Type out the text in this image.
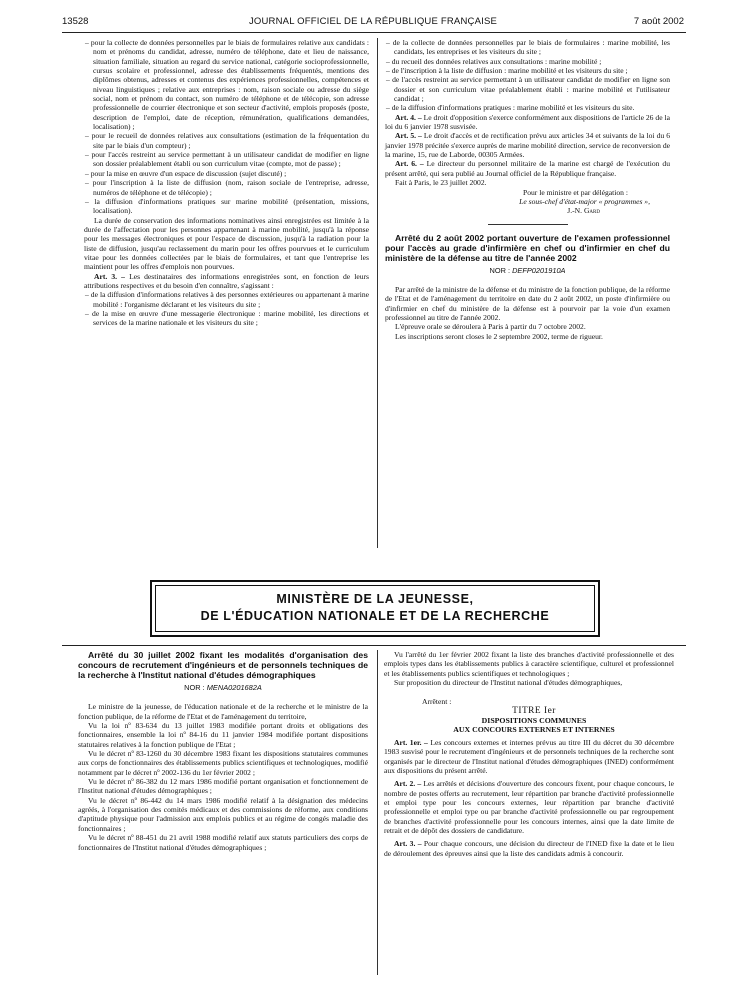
13528	JOURNAL OFFICIEL DE LA RÉPUBLIQUE FRANÇAISE	7 août 2002
– pour la collecte de données personnelles par le biais de formulaires relative aux candidats : nom et prénoms du candidat, adresse, numéro de téléphone, date et lieu de naissance, situation familiale, situation au regard du service national, catégorie socioprofessionnelle, cursus scolaire et professionnel, adresse des établissements fréquentés, mentions des diplômes obtenus, adresses et contenus des expériences professionnelles, compétences et niveau linguistiques ; relative aux entreprises : nom, raison sociale ou adresse du siège social, nom et prénom du contact, son numéro de téléphone et de télécopie, son adresse professionnelle de courrier électronique et son secteur d'activité, emplois proposés (poste, description de l'emploi, date de réception, rémunération, qualifications demandées, localisation) ;
– pour le recueil de données relatives aux consultations (estimation de la fréquentation du site par le biais d'un compteur) ;
– pour l'accès restreint au service permettant à un utilisateur candidat de modifier en ligne son dossier préalablement établi ou son curriculum vitae (compte, mot de passe) ;
– pour la mise en œuvre d'un espace de discussion (sujet discuté) ;
– pour l'inscription à la liste de diffusion (nom, raison sociale de l'entreprise, adresse, numéros de téléphone et de télécopie) ;
– la diffusion d'informations pratiques sur marine mobilité (présentation, missions, localisation).

La durée de conservation des informations nominatives ainsi enregistrées est limitée à la durée de l'affectation pour les personnes appartenant à marine mobilité, jusqu'à la réponse pour les messages électroniques et pour l'espace de discussion, jusqu'à la radiation pour la liste de diffusion, jusqu'au reclassement du marin pour les offres pourvues et le curriculum vitae pour les données collectées par le biais de formulaires, et tant que l'entreprise les maintient pour les offres d'emplois non pourvues.

Art. 3. – Les destinataires des informations enregistrées sont, en fonction de leurs attributions respectives et du besoin d'en connaître, s'agissant :

– de la diffusion d'informations relatives à des personnes extérieures ou appartenant à marine mobilité : l'organisme déclarant et les visiteurs du site ;
– de la mise en œuvre d'une messagerie électronique : marine mobilité, les directions et services de la marine nationale et les visiteurs du site ;
– de la collecte de données personnelles par le biais de formulaires : marine mobilité, les candidats, les entreprises et les visiteurs du site ;
– du recueil des données relatives aux consultations : marine mobilité ;
– de l'inscription à la liste de diffusion : marine mobilité et les visiteurs du site ;
– de l'accès restreint au service permettant à un utilisateur candidat de modifier en ligne son dossier et son curriculum vitae préalablement établi : marine mobilité et l'utilisateur candidat ;
– de la diffusion d'informations pratiques : marine mobilité et les visiteurs du site.

Art. 4. – Le droit d'opposition s'exerce conformément aux dispositions de l'article 26 de la loi du 6 janvier 1978 susvisée.

Art. 5. – Le droit d'accès et de rectification prévu aux articles 34 et suivants de la loi du 6 janvier 1978 précitée s'exerce auprès de marine mobilité direction, service de reconversion de la marine, 15, rue de Laborde, 00305 Armées.

Art. 6. – Le directeur du personnel militaire de la marine est chargé de l'exécution du présent arrêté, qui sera publié au Journal officiel de la République française.

Fait à Paris, le 23 juillet 2002.

Pour le ministre et par délégation :

Le sous-chef d'état-major « programmes »,

J.-N. Gard

Arrêté du 2 août 2002 portant ouverture de l'examen professionnel pour l'accès au grade d'infirmière en chef ou d'infirmier en chef du ministère de la défense au titre de l'année 2002

NOR : DEFP0201910A

Par arrêté de la ministre de la défense et du ministre de la fonction publique, de la réforme de l'Etat et de l'aménagement du territoire en date du 2 août 2002, un poste d'infirmière ou d'infirmier en chef du ministère de la défense est à pourvoir par la voie d'un examen professionnel au titre de l'année 2002.

L'épreuve orale se déroulera à Paris à partir du 7 octobre 2002.

Les inscriptions seront closes le 2 septembre 2002, terme de rigueur.

MINISTÈRE DE LA JEUNESSE,
DE L'ÉDUCATION NATIONALE ET DE LA RECHERCHE

Arrêté du 30 juillet 2002 fixant les modalités d'organisation des concours de recrutement d'ingénieurs et de personnels techniques de la recherche à l'Institut national d'études démographiques

NOR : MENA0201682A

Le ministre de la jeunesse, de l'éducation nationale et de la recherche et le ministre de la fonction publique, de la réforme de l'Etat et de l'aménagement du territoire,

Vu la loi nº 83-634 du 13 juillet 1983 modifiée portant droits et obligations des fonctionnaires, ensemble la loi nº 84-16 du 11 janvier 1984 modifiée portant dispositions statutaires relatives à la fonction publique de l'Etat ;

Vu le décret nº 83-1260 du 30 décembre 1983 fixant les dispositions statutaires communes aux corps de fonctionnaires des établissements publics scientifiques et technologiques, modifié notamment par le décret nº 2002-136 du 1er février 2002 ;

Vu le décret nº 86-382 du 12 mars 1986 modifié portant organisation et fonctionnement de l'Institut national d'études démographiques ;

Vu le décret nº 86-442 du 14 mars 1986 modifié relatif à la désignation des médecins agréés, à l'organisation des comités médicaux et des commissions de réforme, aux conditions d'aptitude physique pour l'admission aux emplois publics et au régime de congés maladie des fonctionnaires ;

Vu le décret nº 88-451 du 21 avril 1988 modifié relatif aux statuts particuliers des corps de fonctionnaires de l'Institut national d'études démographiques ;

Vu l'arrêté du 1er février 2002 fixant la liste des branches d'activité professionnelle et des emplois types dans les établissements publics à caractère scientifique, culturel et professionnel et les établissements publics scientifiques et technologiques ;

Sur proposition du directeur de l'Institut national d'études démographiques,

Arrêtent :

TITRE Ier

DISPOSITIONS COMMUNES

AUX CONCOURS EXTERNES ET INTERNES

Art. 1er. – Les concours externes et internes prévus au titre III du décret du 30 décembre 1983 susvisé pour le recrutement d'ingénieurs et de personnels techniques de la recherche sont organisés par le directeur de l'Institut national d'études démographiques (INED) conformément aux dispositions du présent arrêté.

Art. 2. – Les arrêtés et décisions d'ouverture des concours fixent, pour chaque concours, le nombre de postes offerts au recrutement, leur répartition par branche d'activité professionnelle et emploi type pour les concours externes, leur répartition par branche d'activité professionnelle et emploi type ou par branche d'activité professionnelle ou par regroupement de branches d'activité professionnelle pour les concours internes, ainsi que la date limite de retrait et de dépôt des dossiers de candidature.

Art. 3. – Pour chaque concours, une décision du directeur de l'INED fixe la date et le lieu de déroulement des épreuves ainsi que la liste des candidats admis à concourir.
